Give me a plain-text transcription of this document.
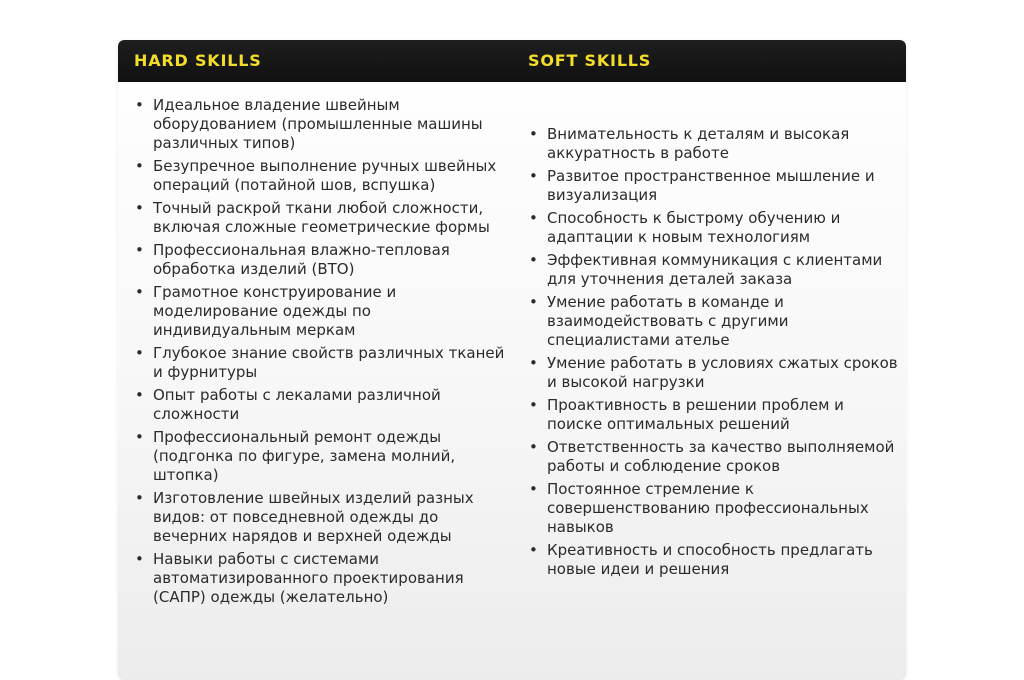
HARD SKILLS	SOFT SKILLS
• Идеальное владение швейным оборудованием (промышленные машины различных типов)
• Безупречное выполнение ручных швейных операций (потайной шов, вспушка)
• Точный раскрой ткани любой сложности, включая сложные геометрические формы
• Профессиональная влажно-тепловая обработка изделий (ВТО)
• Грамотное конструирование и моделирование одежды по индивидуальным меркам
• Глубокое знание свойств различных тканей и фурнитуры
• Опыт работы с лекалами различной сложности
• Профессиональный ремонт одежды (подгонка по фигуре, замена молний, штопка)
• Изготовление швейных изделий разных видов: от повседневной одежды до вечерних нарядов и верхней одежды
• Навыки работы с системами автоматизированного проектирования (САПР) одежды (желательно)
• Внимательность к деталям и высокая аккуратность в работе
• Развитое пространственное мышление и визуализация
• Способность к быстрому обучению и адаптации к новым технологиям
• Эффективная коммуникация с клиентами для уточнения деталей заказа
• Умение работать в команде и взаимодействовать с другими специалистами ателье
• Умение работать в условиях сжатых сроков и высокой нагрузки
• Проактивность в решении проблем и поиске оптимальных решений
• Ответственность за качество выполняемой работы и соблюдение сроков
• Постоянное стремление к совершенствованию профессиональных навыков
• Креативность и способность предлагать новые идеи и решения
